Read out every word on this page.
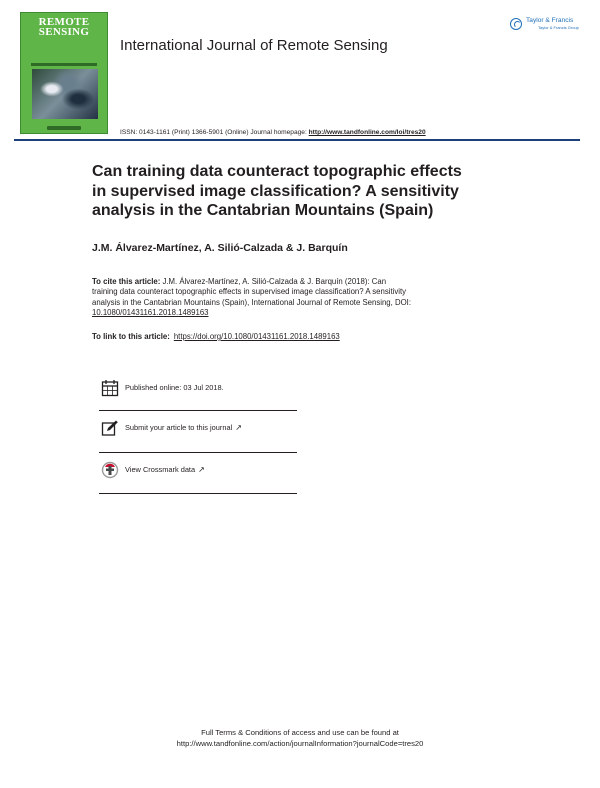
REMOTE
SENSING
International Journal of Remote Sensing
Taylor & Francis
Taylor & Francis Group
ISSN: 0143-1161 (Print) 1366-5901 (Online) Journal homepage: http://www.tandfonline.com/loi/tres20
Can training data counteract topographic effects
in supervised image classification? A sensitivity
analysis in the Cantabrian Mountains (Spain)
J.M. Álvarez-Martínez, A. Silió-Calzada & J. Barquín
To cite this article: J.M. Álvarez-Martínez, A. Silió-Calzada & J. Barquín (2018): Can
training data counteract topographic effects in supervised image classification? A sensitivity
analysis in the Cantabrian Mountains (Spain), International Journal of Remote Sensing, DOI:
10.1080/01431161.2018.1489163
To link to this article: https://doi.org/10.1080/01431161.2018.1489163
Published online: 03 Jul 2018.
Submit your article to this journal ↗
View Crossmark data ↗
Full Terms & Conditions of access and use can be found at
http://www.tandfonline.com/action/journalInformation?journalCode=tres20
